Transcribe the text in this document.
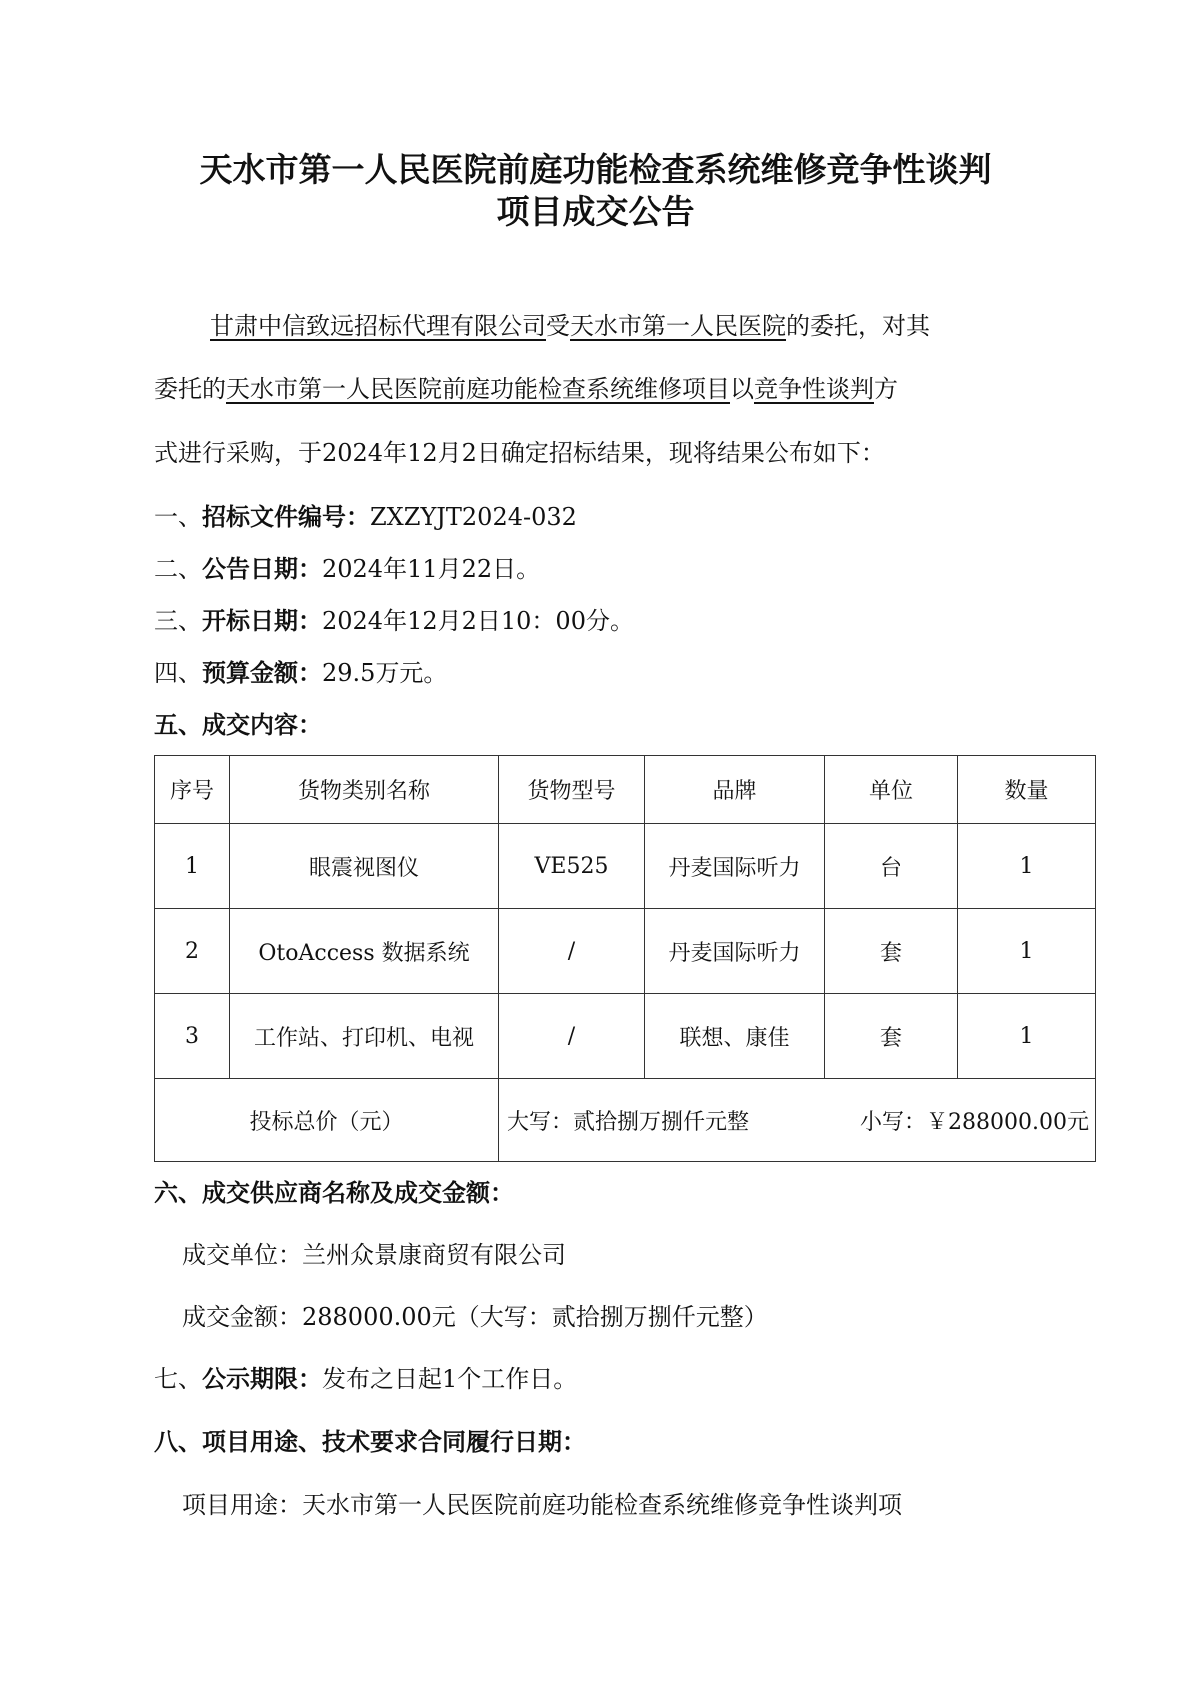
天水市第一人民医院前庭功能检查系统维修竞争性谈判
项目成交公告
甘肃中信致远招标代理有限公司受天水市第一人民医院的委托，对其
委托的天水市第一人民医院前庭功能检查系统维修项目以竞争性谈判方
式进行采购，于2024年12月2日确定招标结果，现将结果公布如下：
一、招标文件编号：ZXZYJT2024-032
二、公告日期：2024年11月22日。
三、开标日期：2024年12月2日10：00分。
四、预算金额：29.5万元。
五、成交内容：
序号	货物类别名称	货物型号	品牌	单位	数量
1	眼震视图仪	VE525	丹麦国际听力	台	1
2	OtoAccess 数据系统	/	丹麦国际听力	套	1
3	工作站、打印机、电视	/	联想、康佳	套	1
投标总价（元）		大写：贰拾捌万捌仟元整 小写：￥288000.00元			
六、成交供应商名称及成交金额：
成交单位：兰州众景康商贸有限公司
成交金额：288000.00元（大写：贰拾捌万捌仟元整）
七、公示期限：发布之日起1个工作日。
八、项目用途、技术要求合同履行日期：
项目用途：天水市第一人民医院前庭功能检查系统维修竞争性谈判项
